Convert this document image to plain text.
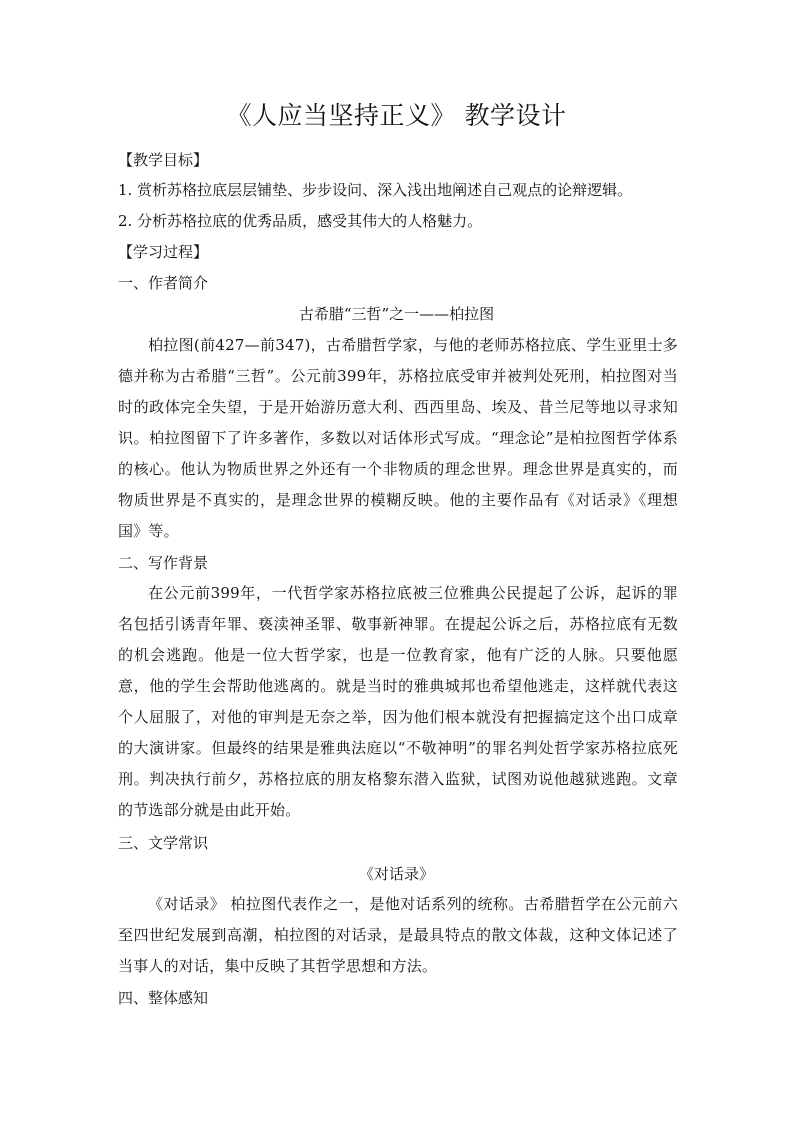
《人应当坚持正义》 教学设计
【教学目标】
1. 赏析苏格拉底层层铺垫、步步设问、深入浅出地阐述自己观点的论辩逻辑。
2. 分析苏格拉底的优秀品质，感受其伟大的人格魅力。
【学习过程】
一、作者简介
古希腊“三哲”之一——柏拉图
柏拉图(前427—前347)，古希腊哲学家，与他的老师苏格拉底、学生亚里士多德并称为古希腊“三哲”。公元前399年，苏格拉底受审并被判处死刑，柏拉图对当时的政体完全失望，于是开始游历意大利、西西里岛、埃及、昔兰尼等地以寻求知识。柏拉图留下了许多著作，多数以对话体形式写成。“理念论”是柏拉图哲学体系的核心。他认为物质世界之外还有一个非物质的理念世界。理念世界是真实的，而物质世界是不真实的，是理念世界的模糊反映。他的主要作品有《对话录》《理想国》等。
二、写作背景
在公元前399年，一代哲学家苏格拉底被三位雅典公民提起了公诉，起诉的罪名包括引诱青年罪、亵渎神圣罪、敬事新神罪。在提起公诉之后，苏格拉底有无数的机会逃跑。他是一位大哲学家，也是一位教育家，他有广泛的人脉。只要他愿意，他的学生会帮助他逃离的。就是当时的雅典城邦也希望他逃走，这样就代表这个人屈服了，对他的审判是无奈之举，因为他们根本就没有把握搞定这个出口成章的大演讲家。但最终的结果是雅典法庭以“不敬神明”的罪名判处哲学家苏格拉底死刑。判决执行前夕，苏格拉底的朋友格黎东潜入监狱，试图劝说他越狱逃跑。文章的节选部分就是由此开始。
三、文学常识
《对话录》
《对话录》 柏拉图代表作之一，是他对话系列的统称。古希腊哲学在公元前六至四世纪发展到高潮，柏拉图的对话录，是最具特点的散文体裁，这种文体记述了当事人的对话，集中反映了其哲学思想和方法。
四、整体感知
